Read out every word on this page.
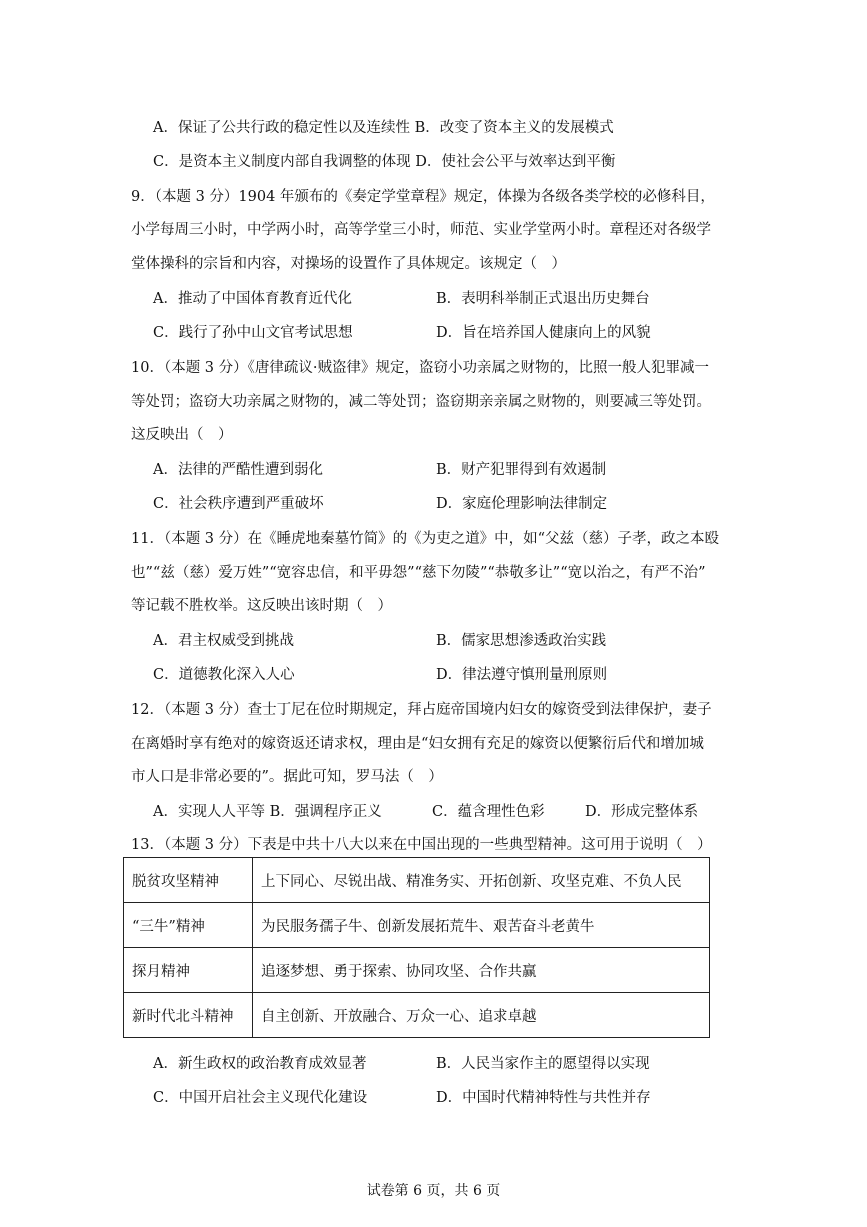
A．保证了公共行政的稳定性以及连续性 B．改变了资本主义的发展模式
C．是资本主义制度内部自我调整的体现 D．使社会公平与效率达到平衡
9．（本题 3 分）1904 年颁布的《奏定学堂章程》规定，体操为各级各类学校的必修科目，
小学每周三小时，中学两小时，高等学堂三小时，师范、实业学堂两小时。章程还对各级学
堂体操科的宗旨和内容，对操场的设置作了具体规定。该规定（　）
A．推动了中国体育教育近代化	B．表明科举制正式退出历史舞台
C．践行了孙中山文官考试思想	D．旨在培养国人健康向上的风貌
10．（本题 3 分）《唐律疏议·贼盗律》规定，盗窃小功亲属之财物的，比照一般人犯罪减一
等处罚；盗窃大功亲属之财物的，减二等处罚；盗窃期亲亲属之财物的，则要减三等处罚。
这反映出（　）
A．法律的严酷性遭到弱化	B．财产犯罪得到有效遏制
C．社会秩序遭到严重破坏	D．家庭伦理影响法律制定
11．（本题 3 分）在《睡虎地秦墓竹简》的《为吏之道》中，如“父兹（慈）子孝，政之本殴
也”“兹（慈）爱万姓”“宽容忠信，和平毋怨”“慈下勿陵”“恭敬多让”“宽以治之，有严不治”
等记载不胜枚举。这反映出该时期（　）
A．君主权威受到挑战	B．儒家思想渗透政治实践
C．道德教化深入人心	D．律法遵守慎刑量刑原则
12．（本题 3 分）查士丁尼在位时期规定，拜占庭帝国境内妇女的嫁资受到法律保护，妻子
在离婚时享有绝对的嫁资返还请求权，理由是“妇女拥有充足的嫁资以便繁衍后代和增加城
市人口是非常必要的”。据此可知，罗马法（　）
A．实现人人平等 B．强调程序正义	C．蕴含理性色彩	D．形成完整体系
13．（本题 3 分）下表是中共十八大以来在中国出现的一些典型精神。这可用于说明（　）
脱贫攻坚精神	上下同心、尽锐出战、精准务实、开拓创新、攻坚克难、不负人民
“三牛”精神	为民服务孺子牛、创新发展拓荒牛、艰苦奋斗老黄牛
探月精神	追逐梦想、勇于探索、协同攻坚、合作共赢
新时代北斗精神	自主创新、开放融合、万众一心、追求卓越
A．新生政权的政治教育成效显著	B．人民当家作主的愿望得以实现
C．中国开启社会主义现代化建设	D．中国时代精神特性与共性并存
试卷第 6 页，共 6 页
